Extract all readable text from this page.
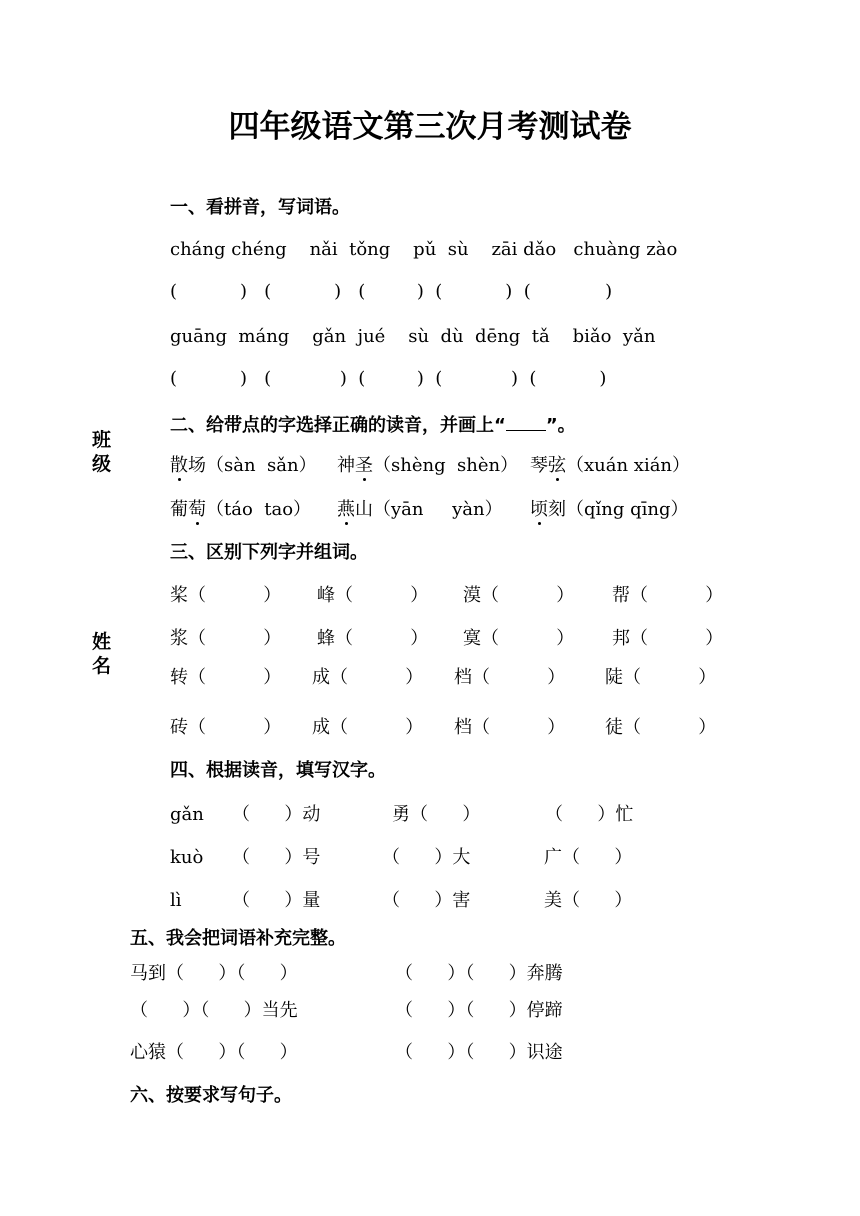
四年级语文第三次月考测试卷
班级
姓名
一、看拼音，写词语。
cháng chéng    nǎi  tǒng    pǔ  sù    zāi dǎo   chuàng zào
(           )   (           )   (         )  (           )  (             )
guāng  máng    gǎn  jué    sù  dù  dēng  tǎ    biǎo  yǎn
(           )   (            )  (         )  (            )  (           )
二、给带点的字选择正确的读音，并画上“ ”。
散场（sàn  sǎn） 神圣（shèng  shèn） 琴弦（xuán xián）
葡萄（táo  tao） 燕山（yān     yàn） 顷刻（qǐng qīng）
三、区别下列字并组词。
桨（          ） 峰（          ） 漠（          ） 帮（          ）
浆（          ） 蜂（          ） 寞（          ） 邦（          ）
转（          ） 成（          ） 档（          ） 陡（          ）
砖（          ） 成（          ） 档（          ） 徒（          ）
四、根据读音，填写汉字。
gǎn （      ）动	勇（      ）	（      ）忙
kuò （      ）号	（      ）大	广（      ）
lì	（      ）量	（      ）害	美（      ）
五、我会把词语补充完整。
马到（      ）（      ）	（      ）（      ）奔腾
（      ）（      ）当先	（      ）（      ）停蹄
心猿（      ）（      ）	（      ）（      ）识途
六、按要求写句子。
